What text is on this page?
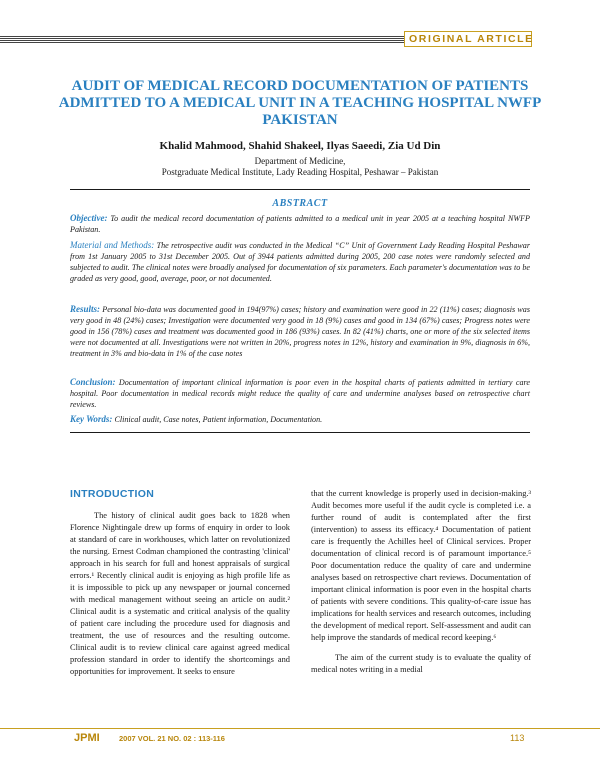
ORIGINAL ARTICLE
AUDIT OF MEDICAL RECORD DOCUMENTATION OF PATIENTS ADMITTED TO A MEDICAL UNIT IN A TEACHING HOSPITAL NWFP PAKISTAN
Khalid Mahmood, Shahid Shakeel, Ilyas Saeedi, Zia Ud Din
Department of Medicine,
Postgraduate Medical Institute, Lady Reading Hospital, Peshawar – Pakistan
ABSTRACT

Objective: To audit the medical record documentation of patients admitted to a medical unit in year 2005 at a teaching hospital NWFP Pakistan.

Material and Methods: The retrospective audit was conducted in the Medical “C” Unit of Government Lady Reading Hospital Peshawar from 1st January 2005 to 31st December 2005. Out of 3944 patients admitted during 2005, 200 case notes were randomly selected and subjected to audit. The clinical notes were broadly analysed for documentation of six parameters. Each parameter's documentation was to be graded as very good, good, average, poor, or not documented.

Results: Personal bio-data was documented good in 194(97%) cases; history and examination were good in 22 (11%) cases; diagnosis was very good in 48 (24%) cases; Investigation were documented very good in 18 (9%) cases and good in 134 (67%) cases; Progress notes were good in 156 (78%) cases and treatment was documented good in 186 (93%) cases. In 82 (41%) charts, one or more of the six selected items were not documented at all. Investigations were not written in 20%, progress notes in 12%, history and examination in 9%, diagnosis in 6%, treatment in 3% and bio-data in 1% of the case notes

Conclusion: Documentation of important clinical information is poor even in the hospital charts of patients admitted in tertiary care hospital. Poor documentation in medical records might reduce the quality of care and undermine analyses based on retrospective chart reviews.

Key Words: Clinical audit, Case notes, Patient information, Documentation.

INTRODUCTION

The history of clinical audit goes back to 1828 when Florence Nightingale drew up forms of enquiry in order to look at standard of care in workhouses, which latter on revolutionized the nursing. Ernest Codman championed the contrasting 'clinical' approach in his search for full and honest appraisals of surgical errors.¹ Recently clinical audit is enjoying as high profile life as it is impossible to pick up any newspaper or journal concerned with medical management without seeing an article on audit.² Clinical audit is a systematic and critical analysis of the quality of patient care including the procedure used for diagnosis and treatment, the use of resources and the resulting outcome. Clinical audit is to review clinical care against agreed medical profession standard in order to identify the shortcomings and opportunities for improvement. It seeks to ensure

that the current knowledge is properly used in decision-making.³ Audit becomes more useful if the audit cycle is completed i.e. a further round of audit is contemplated after the first (intervention) to assess its efficacy.⁴ Documentation of patient care is frequently the Achilles heel of Clinical services. Proper documentation of clinical record is of paramount importance.⁵ Poor documentation reduce the quality of care and undermine analyses based on retrospective chart reviews. Documentation of important clinical information is poor even in the hospital charts of patients with severe conditions. This quality-of-care issue has implications for health services and research outcomes, including the development of medical report. Self-assessment and audit can help improve the standards of medical record keeping.⁶

The aim of the current study is to evaluate the quality of medical notes writing in a medial

JPMI	2007 VOL. 21 NO. 02 : 113-116	113
